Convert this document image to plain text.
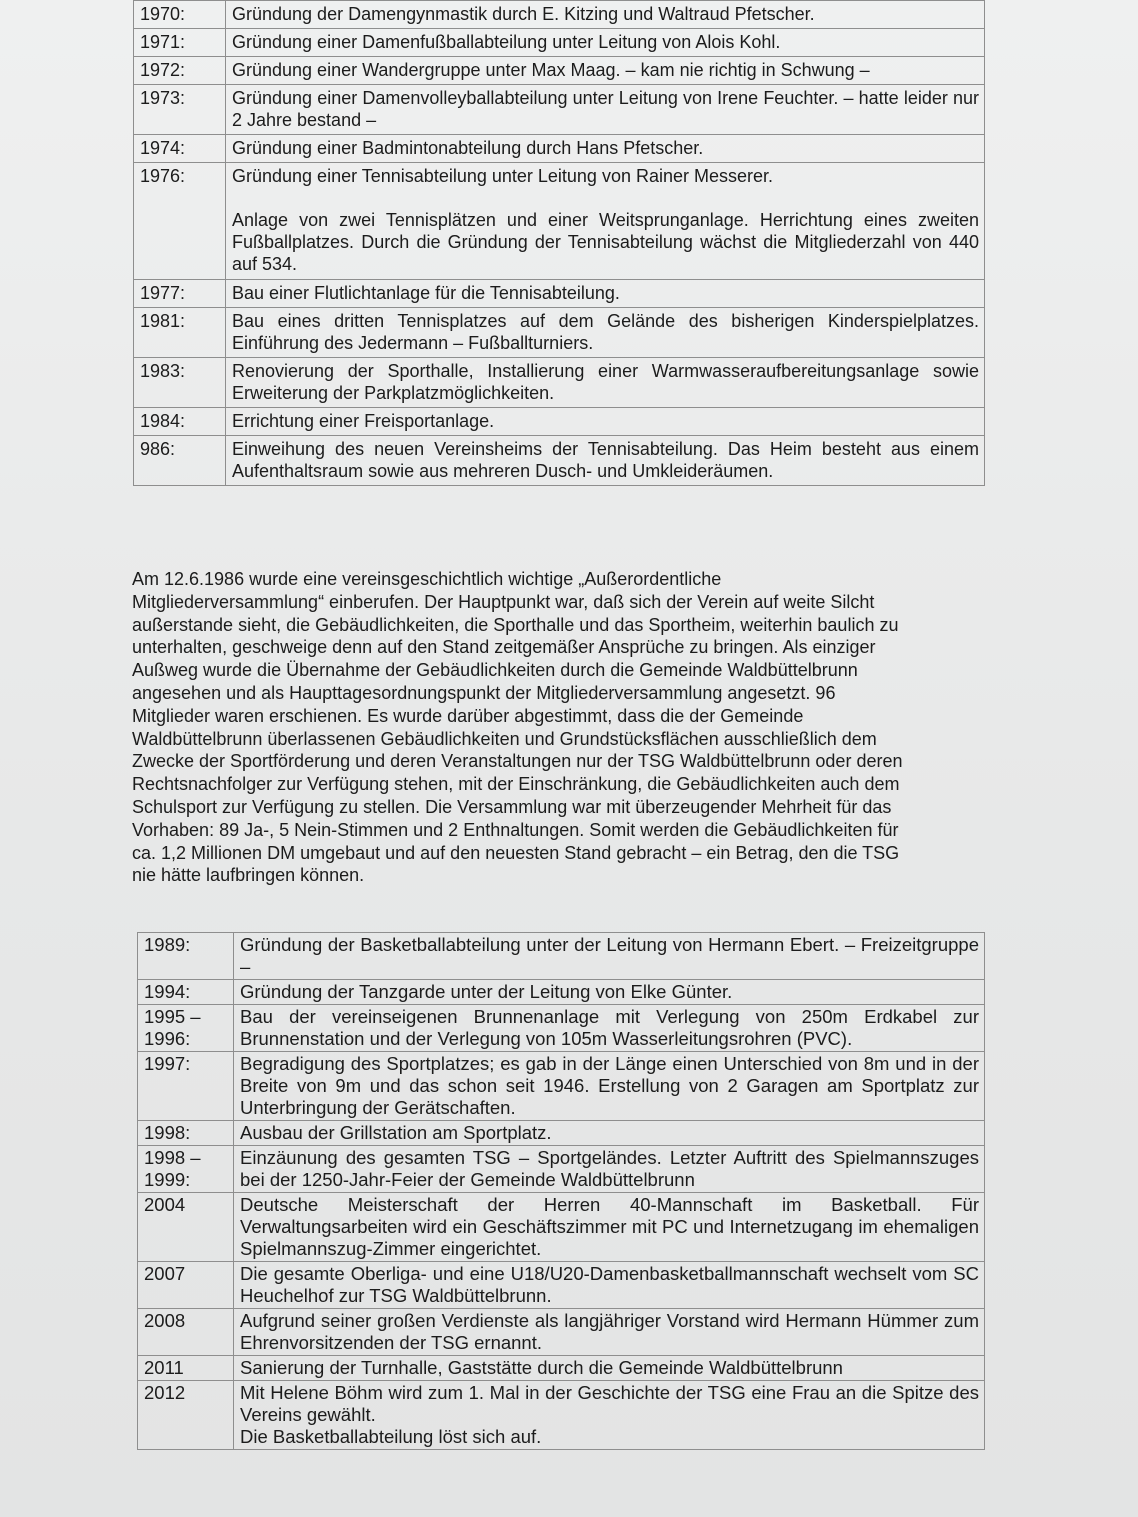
1970:	Gründung der Damengynmastik durch E. Kitzing und Waltraud Pfetscher.
1971:	Gründung einer Damenfußballabteilung unter Leitung von Alois Kohl.
1972:	Gründung einer Wandergruppe unter Max Maag. – kam nie richtig in Schwung –
1973:	Gründung einer Damenvolleyballabteilung unter Leitung von Irene Feuchter. – hatte leider nur 2 Jahre bestand –
1974:	Gründung einer Badmintonabteilung durch Hans Pfetscher.
1976:	Gründung einer Tennisabteilung unter Leitung von Rainer Messerer.

Anlage von zwei Tennisplätzen und einer Weitsprunganlage. Herrichtung eines zweiten Fußballplatzes. Durch die Gründung der Tennisabteilung wächst die Mitgliederzahl von 440 auf 534.
1977:	Bau einer Flutlichtanlage für die Tennisabteilung.
1981:	Bau eines dritten Tennisplatzes auf dem Gelände des bisherigen Kinderspielplatzes. Einführung des Jedermann – Fußballturniers.
1983:	Renovierung der Sporthalle, Installierung einer Warmwasseraufbereitungsanlage sowie Erweiterung der Parkplatzmöglichkeiten.
1984:	Errichtung einer Freisportanlage.
986:	Einweihung des neuen Vereinsheims der Tennisabteilung. Das Heim besteht aus einem Aufenthaltsraum sowie aus mehreren Dusch- und Umkleideräumen.
Am 12.6.1986 wurde eine vereinsgeschichtlich wichtige „Außerordentliche
Mitgliederversammlung“ einberufen. Der Hauptpunkt war, daß sich der Verein auf weite Silcht
außerstande sieht, die Gebäudlichkeiten, die Sporthalle und das Sportheim, weiterhin baulich zu
unterhalten, geschweige denn auf den Stand zeitgemäßer Ansprüche zu bringen. Als einziger
Außweg wurde die Übernahme der Gebäudlichkeiten durch die Gemeinde Waldbüttelbrunn
angesehen und als Haupttagesordnungspunkt der Mitgliederversammlung angesetzt. 96
Mitglieder waren erschienen. Es wurde darüber abgestimmt, dass die der Gemeinde
Waldbüttelbrunn überlassenen Gebäudlichkeiten und Grundstücksflächen ausschließlich dem
Zwecke der Sportförderung und deren Veranstaltungen nur der TSG Waldbüttelbrunn oder deren
Rechtsnachfolger zur Verfügung stehen, mit der Einschränkung, die Gebäudlichkeiten auch dem
Schulsport zur Verfügung zu stellen. Die Versammlung war mit überzeugender Mehrheit für das
Vorhaben: 89 Ja-, 5 Nein-Stimmen und 2 Enthnaltungen. Somit werden die Gebäudlichkeiten für
ca. 1,2 Millionen DM umgebaut und auf den neuesten Stand gebracht – ein Betrag, den die TSG
nie hätte laufbringen können.
1989:	Gründung der Basketballabteilung unter der Leitung von Hermann Ebert. – Freizeitgruppe –
1994:	Gründung der Tanzgarde unter der Leitung von Elke Günter.
1995 –
1996:	Bau der vereinseigenen Brunnenanlage mit Verlegung von 250m Erdkabel zur Brunnenstation und der Verlegung von 105m Wasserleitungsrohren (PVC).
1997:	Begradigung des Sportplatzes; es gab in der Länge einen Unterschied von 8m und in der Breite von 9m und das schon seit 1946. Erstellung von 2 Garagen am Sportplatz zur Unterbringung der Gerätschaften.
1998:	Ausbau der Grillstation am Sportplatz.
1998 –
1999:	Einzäunung des gesamten TSG – Sportgeländes. Letzter Auftritt des Spielmannszuges bei der 1250-Jahr-Feier der Gemeinde Waldbüttelbrunn
2004	Deutsche Meisterschaft der Herren 40-Mannschaft im Basketball. Für Verwaltungsarbeiten wird ein Geschäftszimmer mit PC und Internetzugang im ehemaligen Spielmannszug-Zimmer eingerichtet.
2007	Die gesamte Oberliga- und eine U18/U20-Damenbasketballmannschaft wechselt vom SC Heuchelhof zur TSG Waldbüttelbrunn.
2008	Aufgrund seiner großen Verdienste als langjähriger Vorstand wird Hermann Hümmer zum Ehrenvorsitzenden der TSG ernannt.
2011	Sanierung der Turnhalle, Gaststätte durch die Gemeinde Waldbüttelbrunn
2012	Mit Helene Böhm wird zum 1. Mal in der Geschichte der TSG eine Frau an die Spitze des Vereins gewählt.
Die Basketballabteilung löst sich auf.
